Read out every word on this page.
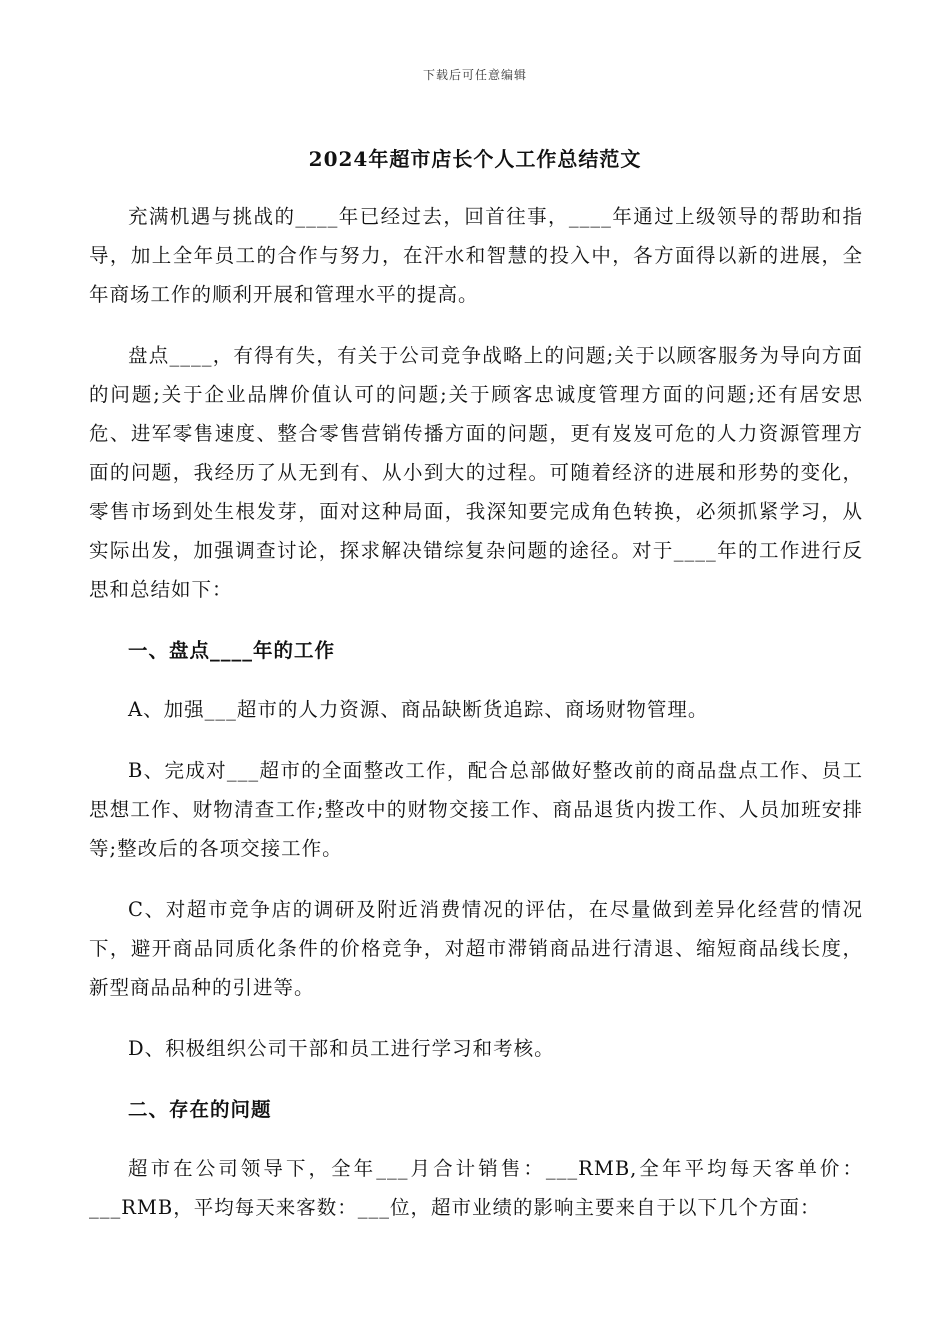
下载后可任意编辑
2024年超市店长个人工作总结范文

充满机遇与挑战的____年已经过去，回首往事，____年通过上级领导的帮助和指导，加上全年员工的合作与努力，在汗水和智慧的投入中，各方面得以新的进展，全年商场工作的顺利开展和管理水平的提高。

盘点____，有得有失，有关于公司竞争战略上的问题;关于以顾客服务为导向方面的问题;关于企业品牌价值认可的问题;关于顾客忠诚度管理方面的问题;还有居安思危、进军零售速度、整合零售营销传播方面的问题，更有岌岌可危的人力资源管理方面的问题，我经历了从无到有、从小到大的过程。可随着经济的进展和形势的变化，零售市场到处生根发芽，面对这种局面，我深知要完成角色转换，必须抓紧学习，从实际出发，加强调查讨论，探求解决错综复杂问题的途径。对于____年的工作进行反思和总结如下：

一、盘点____年的工作

A、加强___超市的人力资源、商品缺断货追踪、商场财物管理。

B、完成对___超市的全面整改工作，配合总部做好整改前的商品盘点工作、员工思想工作、财物清查工作;整改中的财物交接工作、商品退货内拨工作、人员加班安排等;整改后的各项交接工作。

C、对超市竞争店的调研及附近消费情况的评估，在尽量做到差异化经营的情况下，避开商品同质化条件的价格竞争，对超市滞销商品进行清退、缩短商品线长度，新型商品品种的引进等。

D、积极组织公司干部和员工进行学习和考核。

二、存在的问题

超市在公司领导下，全年___月合计销售：___RMB,全年平均每天客单价：___RMB，平均每天来客数：___位，超市业绩的影响主要来自于以下几个方面：
